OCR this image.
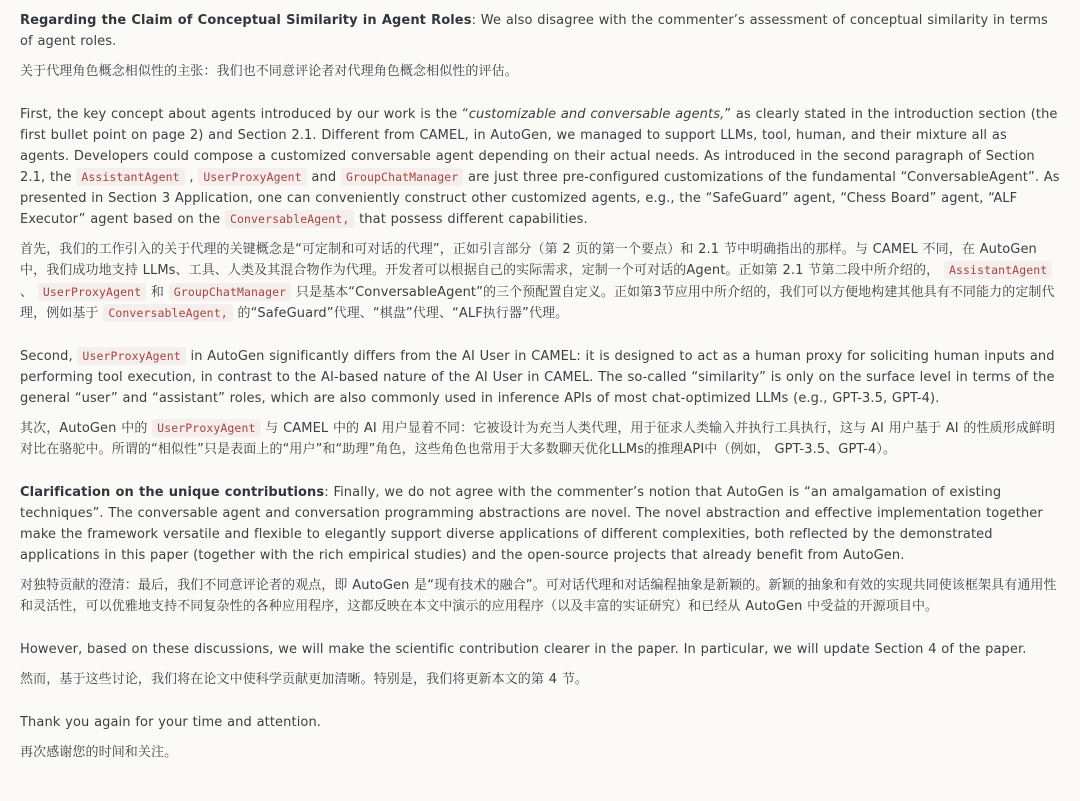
Regarding the Claim of Conceptual Similarity in Agent Roles: We also disagree with the commenter’s assessment of conceptual similarity in terms of agent roles.

关于代理角色概念相似性的主张：我们也不同意评论者对代理角色概念相似性的评估。

First, the key concept about agents introduced by our work is the “customizable and conversable agents,” as clearly stated in the introduction section (the first bullet point on page 2) and Section 2.1. Different from CAMEL, in AutoGen, we managed to support LLMs, tool, human, and their mixture all as agents. Developers could compose a customized conversable agent depending on their actual needs. As introduced in the second paragraph of Section 2.1, the AssistantAgent , UserProxyAgent and GroupChatManager are just three pre-configured customizations of the fundamental “ConversableAgent”. As presented in Section 3 Application, one can conveniently construct other customized agents, e.g., the “SafeGuard” agent, “Chess Board” agent, “ALF Executor” agent based on the ConversableAgent, that possess different capabilities.

首先，我们的工作引入的关于代理的关键概念是“可定制和可对话的代理”，正如引言部分（第 2 页的第一个要点）和 2.1 节中明确指出的那样。与 CAMEL 不同，在 AutoGen 中，我们成功地支持 LLMs、工具、人类及其混合物作为代理。开发者可以根据自己的实际需求，定制一个可对话的Agent。正如第 2.1 节第二段中所介绍的， AssistantAgent 、 UserProxyAgent 和 GroupChatManager 只是基本“ConversableAgent”的三个预配置自定义。正如第3节应用中所介绍的，我们可以方便地构建其他具有不同能力的定制代理，例如基于 ConversableAgent, 的“SafeGuard”代理、“棋盘”代理、“ALF执行器”代理。

Second, UserProxyAgent in AutoGen significantly differs from the AI User in CAMEL: it is designed to act as a human proxy for soliciting human inputs and performing tool execution, in contrast to the AI-based nature of the AI User in CAMEL. The so-called “similarity” is only on the surface level in terms of the general “user” and “assistant” roles, which are also commonly used in inference APIs of most chat-optimized LLMs (e.g., GPT-3.5, GPT-4).

其次，AutoGen 中的 UserProxyAgent 与 CAMEL 中的 AI 用户显着不同：它被设计为充当人类代理，用于征求人类输入并执行工具执行，这与 AI 用户基于 AI 的性质形成鲜明对比在骆驼中。所谓的“相似性”只是表面上的“用户”和“助理”角色，这些角色也常用于大多数聊天优化LLMs的推理API中（例如， GPT-3.5、GPT-4）。

Clarification on the unique contributions: Finally, we do not agree with the commenter’s notion that AutoGen is “an amalgamation of existing techniques”. The conversable agent and conversation programming abstractions are novel. The novel abstraction and effective implementation together make the framework versatile and flexible to elegantly support diverse applications of different complexities, both reflected by the demonstrated applications in this paper (together with the rich empirical studies) and the open-source projects that already benefit from AutoGen.

对独特贡献的澄清：最后，我们不同意评论者的观点，即 AutoGen 是“现有技术的融合”。可对话代理和对话编程抽象是新颖的。新颖的抽象和有效的实现共同使该框架具有通用性和灵活性，可以优雅地支持不同复杂性的各种应用程序，这都反映在本文中演示的应用程序（以及丰富的实证研究）和已经从 AutoGen 中受益的开源项目中。

However, based on these discussions, we will make the scientific contribution clearer in the paper. In particular, we will update Section 4 of the paper.

然而，基于这些讨论，我们将在论文中使科学贡献更加清晰。特别是，我们将更新本文的第 4 节。

Thank you again for your time and attention.

再次感谢您的时间和关注。
